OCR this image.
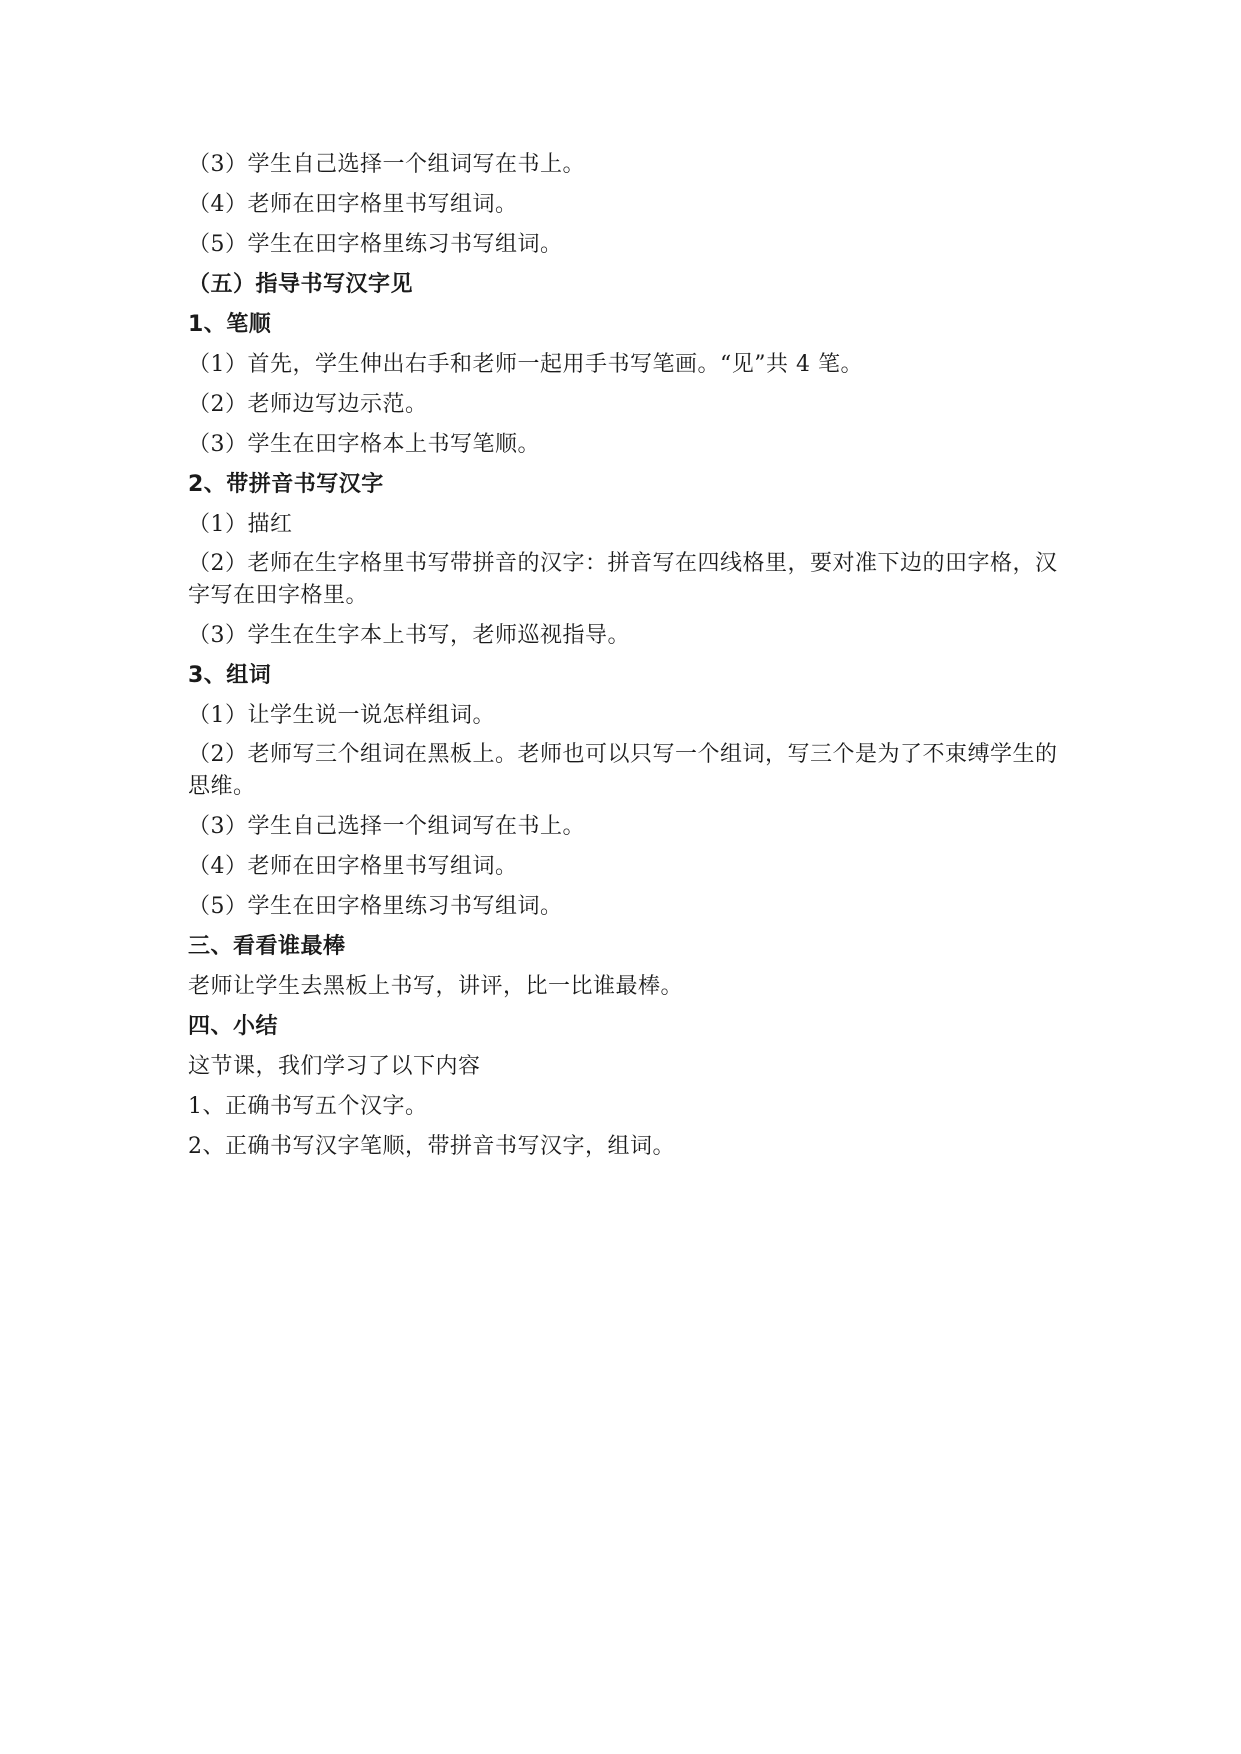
（3）学生自己选择一个组词写在书上。

（4）老师在田字格里书写组词。

（5）学生在田字格里练习书写组词。

（五）指导书写汉字见

1、笔顺

（1）首先，学生伸出右手和老师一起用手书写笔画。“见”共 4 笔。

（2）老师边写边示范。

（3）学生在田字格本上书写笔顺。

2、带拼音书写汉字

（1）描红

（2）老师在生字格里书写带拼音的汉字：拼音写在四线格里，要对准下边的田字格，汉字写在田字格里。

（3）学生在生字本上书写，老师巡视指导。

3、组词

（1）让学生说一说怎样组词。

（2）老师写三个组词在黑板上。老师也可以只写一个组词，写三个是为了不束缚学生的思维。

（3）学生自己选择一个组词写在书上。

（4）老师在田字格里书写组词。

（5）学生在田字格里练习书写组词。

三、看看谁最棒

老师让学生去黑板上书写，讲评，比一比谁最棒。

四、小结

这节课，我们学习了以下内容

1、正确书写五个汉字。

2、正确书写汉字笔顺，带拼音书写汉字，组词。
